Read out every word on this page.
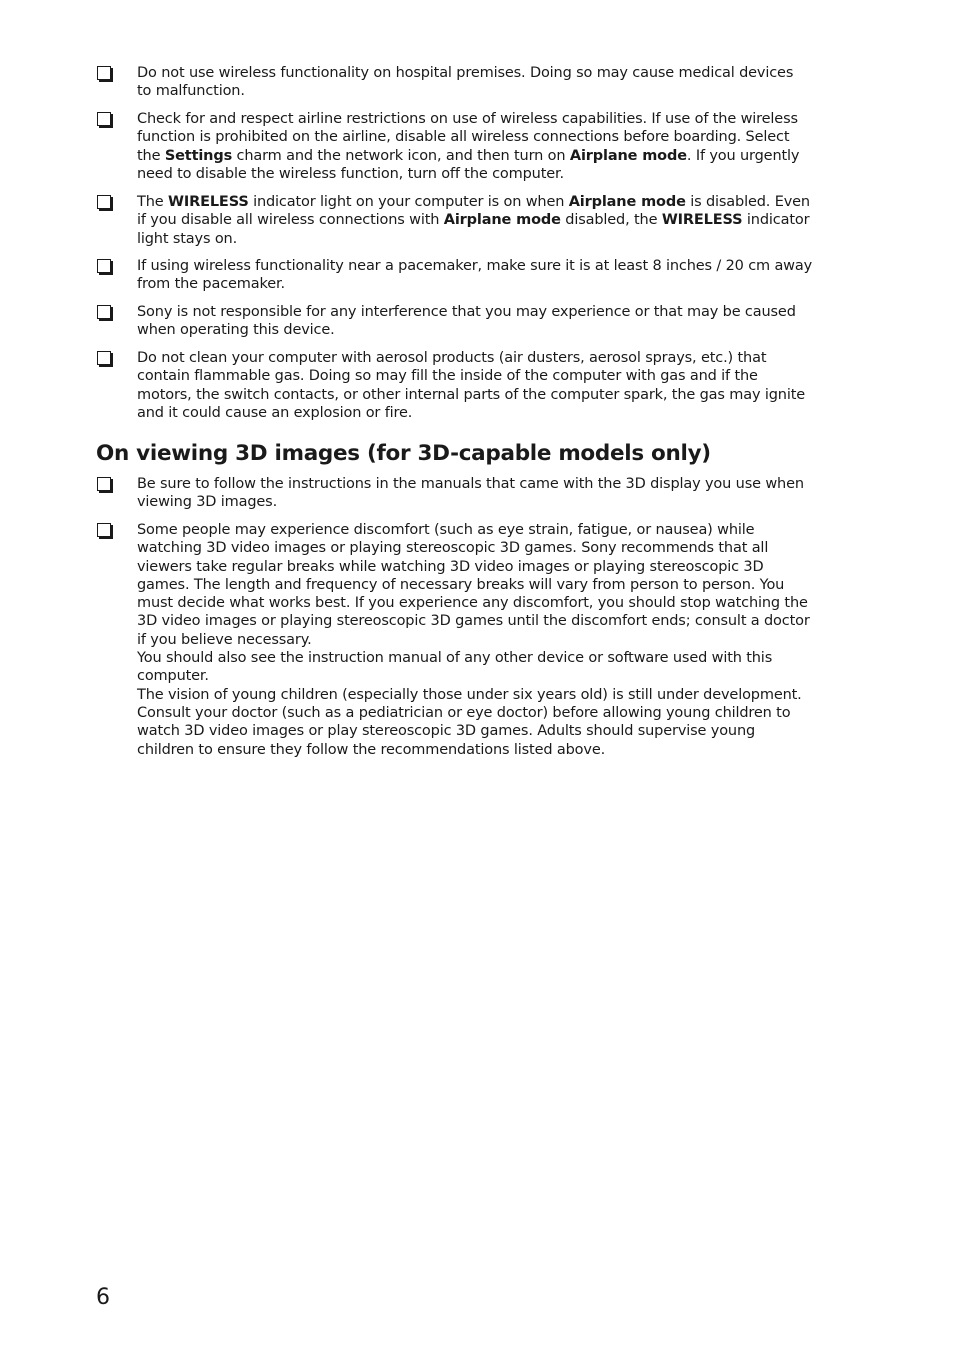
Do not use wireless functionality on hospital premises. Doing so may cause medical devices
to malfunction.
Check for and respect airline restrictions on use of wireless capabilities. If use of the wireless
function is prohibited on the airline, disable all wireless connections before boarding. Select
the Settings charm and the network icon, and then turn on Airplane mode. If you urgently
need to disable the wireless function, turn off the computer.
The WIRELESS indicator light on your computer is on when Airplane mode is disabled. Even
if you disable all wireless connections with Airplane mode disabled, the WIRELESS indicator
light stays on.
If using wireless functionality near a pacemaker, make sure it is at least 8 inches / 20 cm away
from the pacemaker.
Sony is not responsible for any interference that you may experience or that may be caused
when operating this device.
Do not clean your computer with aerosol products (air dusters, aerosol sprays, etc.) that
contain flammable gas. Doing so may fill the inside of the computer with gas and if the
motors, the switch contacts, or other internal parts of the computer spark, the gas may ignite
and it could cause an explosion or fire.
On viewing 3D images (for 3D-capable models only)
Be sure to follow the instructions in the manuals that came with the 3D display you use when
viewing 3D images.
Some people may experience discomfort (such as eye strain, fatigue, or nausea) while
watching 3D video images or playing stereoscopic 3D games. Sony recommends that all
viewers take regular breaks while watching 3D video images or playing stereoscopic 3D
games. The length and frequency of necessary breaks will vary from person to person. You
must decide what works best. If you experience any discomfort, you should stop watching the
3D video images or playing stereoscopic 3D games until the discomfort ends; consult a doctor
if you believe necessary.
You should also see the instruction manual of any other device or software used with this
computer.
The vision of young children (especially those under six years old) is still under development.
Consult your doctor (such as a pediatrician or eye doctor) before allowing young children to
watch 3D video images or play stereoscopic 3D games. Adults should supervise young
children to ensure they follow the recommendations listed above.
6
